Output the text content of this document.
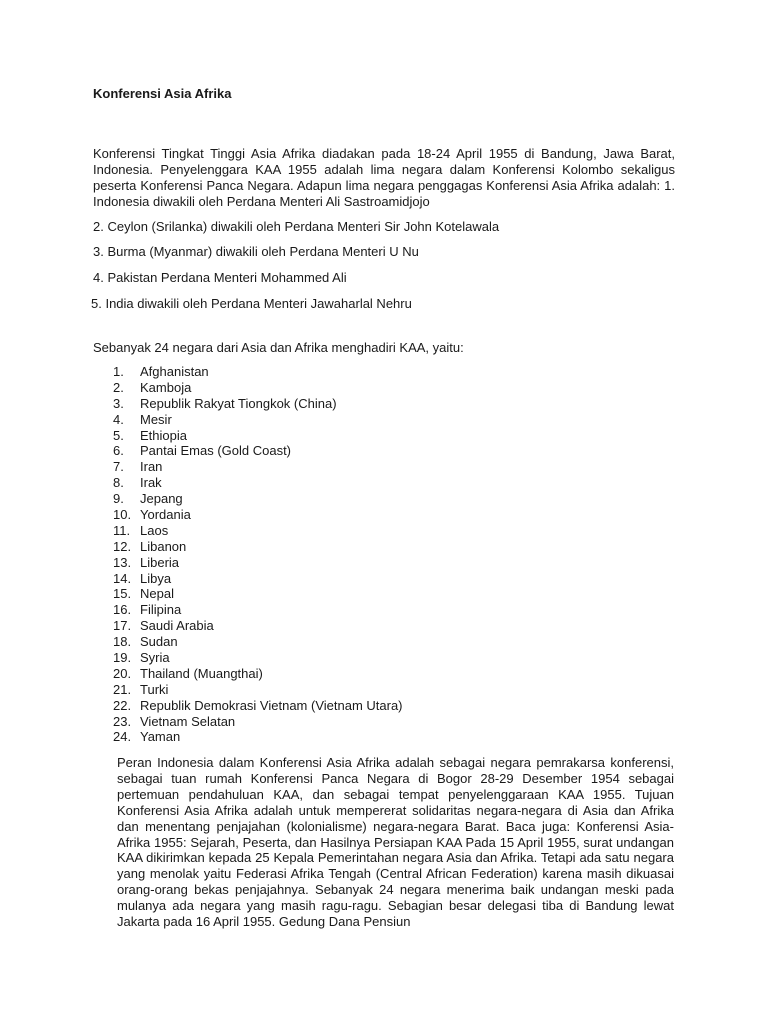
Konferensi Asia Afrika

Konferensi Tingkat Tinggi Asia Afrika diadakan pada 18-24 April 1955 di Bandung, Jawa Barat, Indonesia. Penyelenggara KAA 1955 adalah lima negara dalam Konferensi Kolombo sekaligus peserta Konferensi Panca Negara. Adapun lima negara penggagas Konferensi Asia Afrika adalah: 1. Indonesia diwakili oleh Perdana Menteri Ali Sastroamidjojo

2. Ceylon (Srilanka) diwakili oleh Perdana Menteri Sir John Kotelawala

3. Burma (Myanmar) diwakili oleh Perdana Menteri U Nu

4. Pakistan Perdana Menteri Mohammed Ali

5. India diwakili oleh Perdana Menteri Jawaharlal Nehru

Sebanyak 24 negara dari Asia dan Afrika menghadiri KAA, yaitu:

1.	Afghanistan
2.	Kamboja
3.	Republik Rakyat Tiongkok (China)
4.	Mesir
5.	Ethiopia
6.	Pantai Emas (Gold Coast)
7.	Iran
8.	Irak
9.	Jepang
10. Yordania
11. Laos
12. Libanon
13. Liberia
14. Libya
15. Nepal
16. Filipina
17. Saudi Arabia
18. Sudan
19. Syria
20. Thailand (Muangthai)
21. Turki
22. Republik Demokrasi Vietnam (Vietnam Utara)
23. Vietnam Selatan
24. Yaman

Peran Indonesia dalam Konferensi Asia Afrika adalah sebagai negara pemrakarsa konferensi, sebagai tuan rumah Konferensi Panca Negara di Bogor 28-29 Desember 1954 sebagai pertemuan pendahuluan KAA, dan sebagai tempat penyelenggaraan KAA 1955. Tujuan Konferensi Asia Afrika adalah untuk mempererat solidaritas negara-negara di Asia dan Afrika dan menentang penjajahan (kolonialisme) negara-negara Barat. Baca juga: Konferensi Asia-Afrika 1955: Sejarah, Peserta, dan Hasilnya Persiapan KAA Pada 15 April 1955, surat undangan KAA dikirimkan kepada 25 Kepala Pemerintahan negara Asia dan Afrika. Tetapi ada satu negara yang menolak yaitu Federasi Afrika Tengah (Central African Federation) karena masih dikuasai orang-orang bekas penjajahnya. Sebanyak 24 negara menerima baik undangan meski pada mulanya ada negara yang masih ragu-ragu. Sebagian besar delegasi tiba di Bandung lewat Jakarta pada 16 April 1955. Gedung Dana Pensiun
